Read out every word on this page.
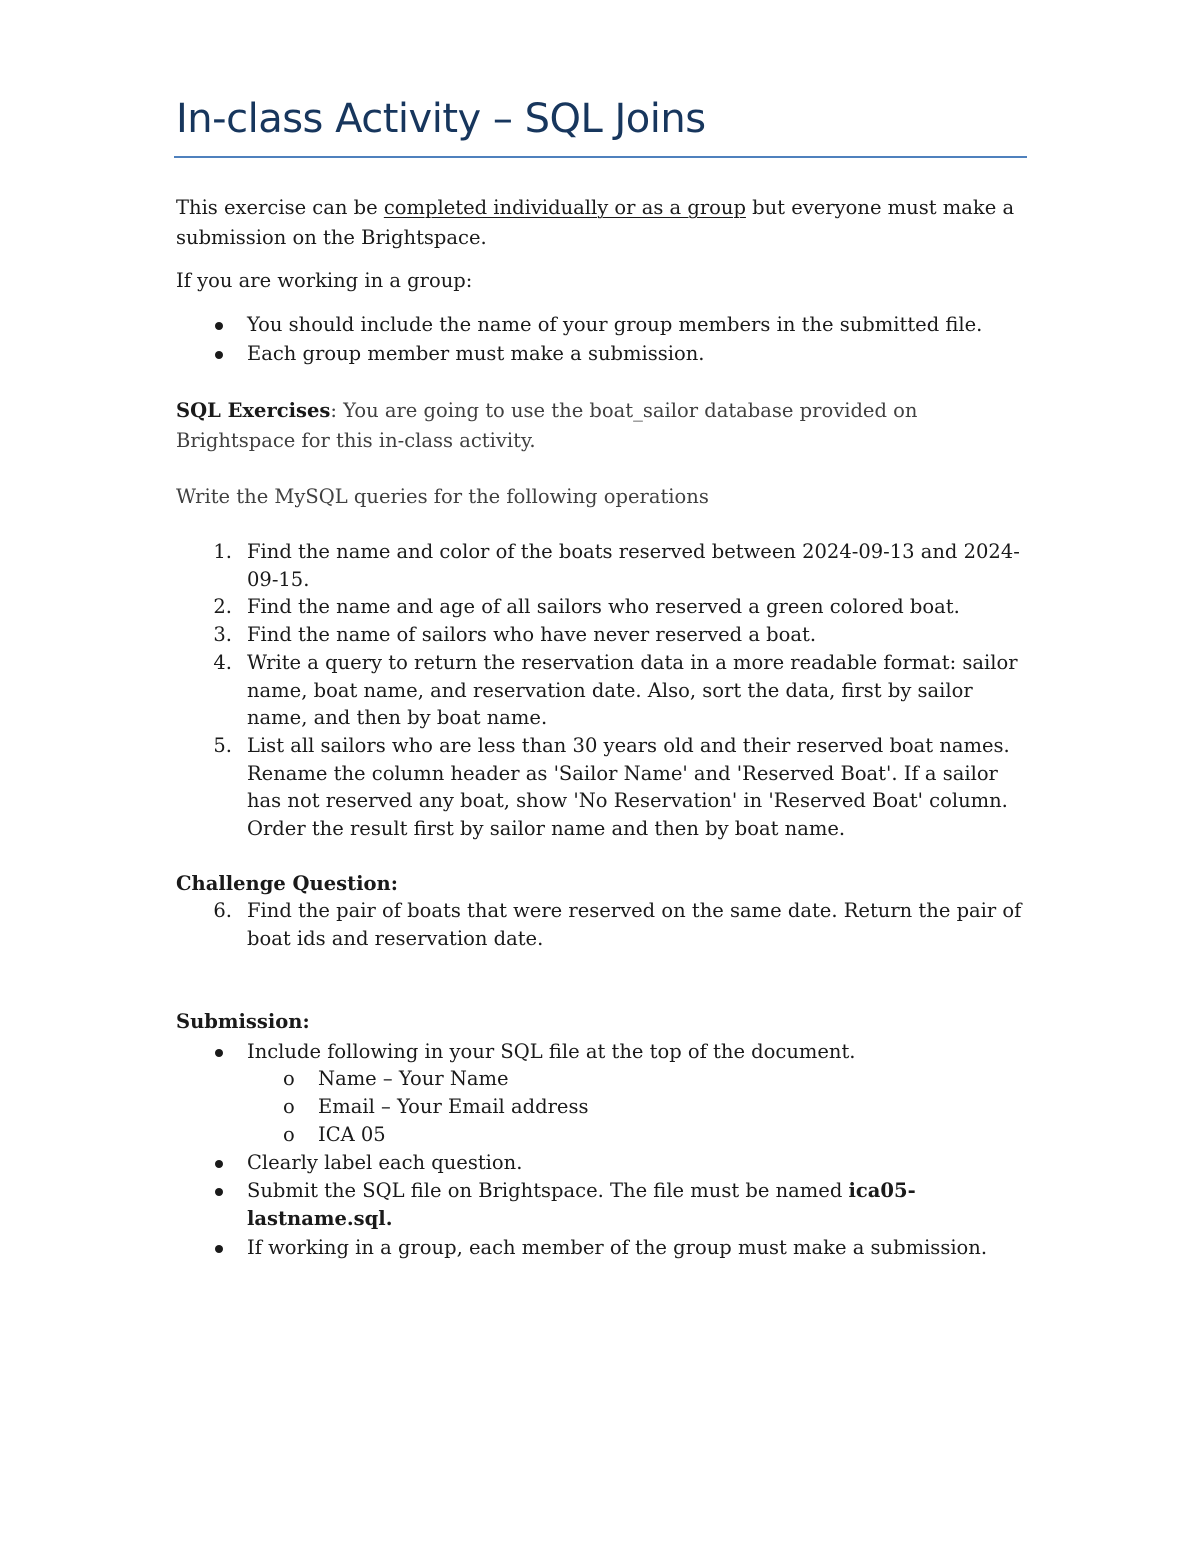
In-class Activity – SQL Joins
This exercise can be completed individually or as a group but everyone must make a
submission on the Brightspace.
If you are working in a group:
You should include the name of your group members in the submitted file.
Each group member must make a submission.
SQL Exercises: You are going to use the boat_sailor database provided on
Brightspace for this in-class activity.
Write the MySQL queries for the following operations
1. Find the name and color of the boats reserved between 2024-09-13 and 2024-09-15.
2. Find the name and age of all sailors who reserved a green colored boat.
3. Find the name of sailors who have never reserved a boat.
4. Write a query to return the reservation data in a more readable format: sailor name, boat name, and reservation date. Also, sort the data, first by sailor name, and then by boat name.
5. List all sailors who are less than 30 years old and their reserved boat names. Rename the column header as 'Sailor Name' and 'Reserved Boat'. If a sailor has not reserved any boat, show 'No Reservation' in 'Reserved Boat' column. Order the result first by sailor name and then by boat name.
Challenge Question:
6. Find the pair of boats that were reserved on the same date. Return the pair of boat ids and reservation date.
Submission:
Include following in your SQL file at the top of the document.
o Name – Your Name
o Email – Your Email address
o ICA 05
Clearly label each question.
Submit the SQL file on Brightspace. The file must be named ica05-
lastname.sql.
If working in a group, each member of the group must make a submission.
